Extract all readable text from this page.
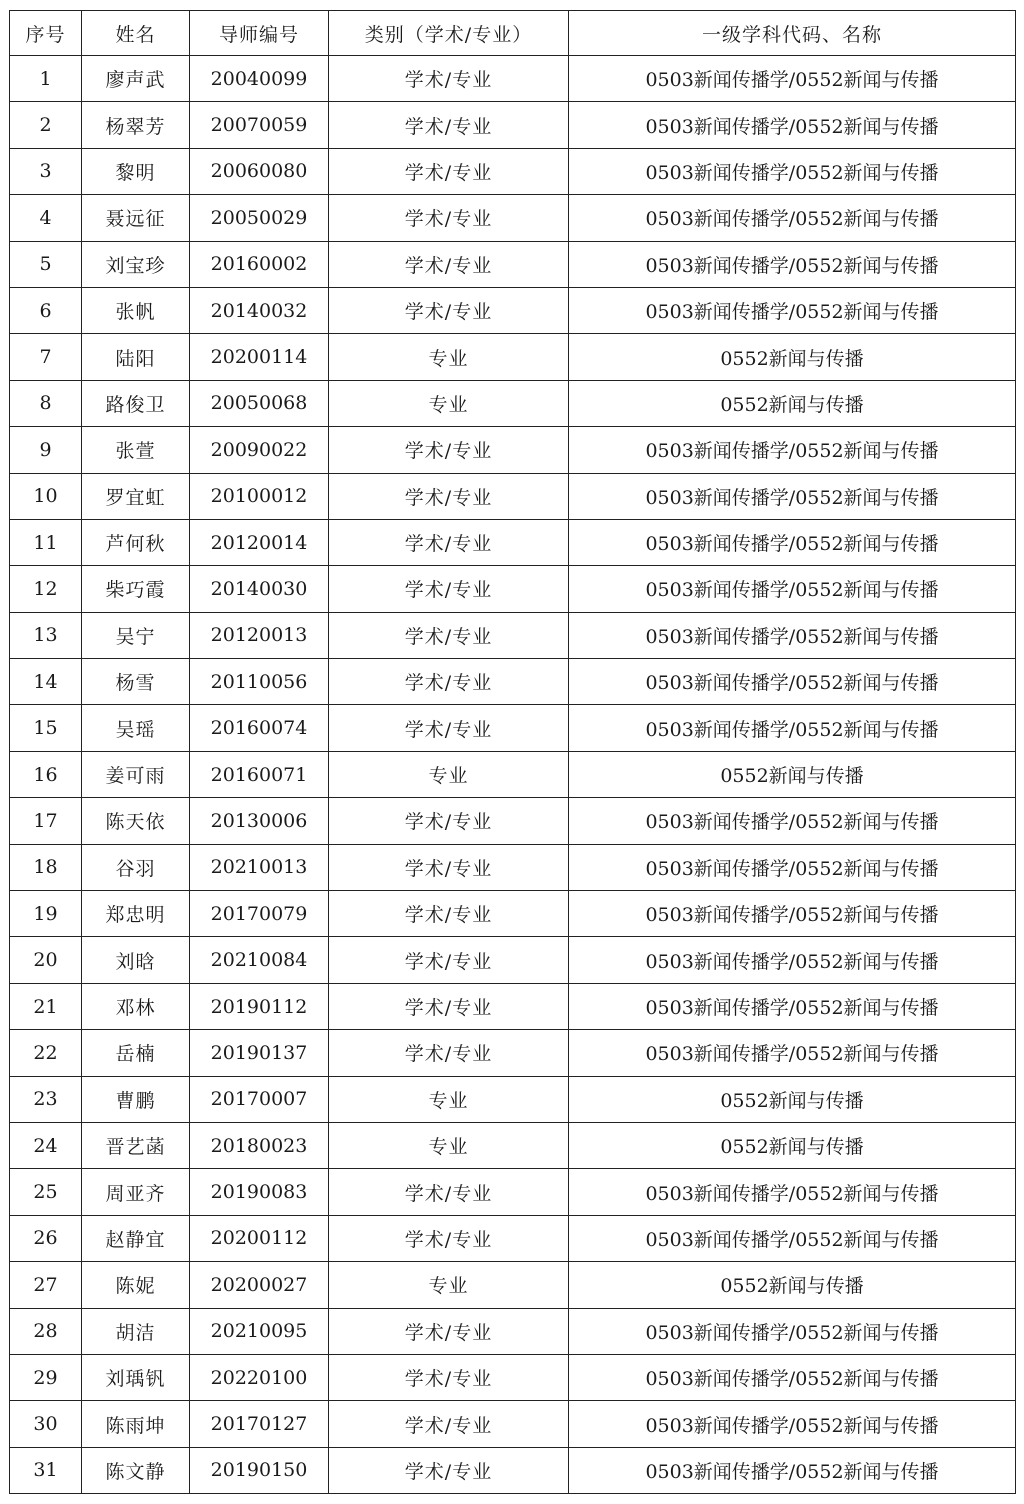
序号	姓名	导师编号	类别（学术/专业）	一级学科代码、名称
1	廖声武	20040099	学术/专业	0503新闻传播学/0552新闻与传播
2	杨翠芳	20070059	学术/专业	0503新闻传播学/0552新闻与传播
3	黎明	20060080	学术/专业	0503新闻传播学/0552新闻与传播
4	聂远征	20050029	学术/专业	0503新闻传播学/0552新闻与传播
5	刘宝珍	20160002	学术/专业	0503新闻传播学/0552新闻与传播
6	张帆	20140032	学术/专业	0503新闻传播学/0552新闻与传播
7	陆阳	20200114	专业	0552新闻与传播
8	路俊卫	20050068	专业	0552新闻与传播
9	张萱	20090022	学术/专业	0503新闻传播学/0552新闻与传播
10	罗宜虹	20100012	学术/专业	0503新闻传播学/0552新闻与传播
11	芦何秋	20120014	学术/专业	0503新闻传播学/0552新闻与传播
12	柴巧霞	20140030	学术/专业	0503新闻传播学/0552新闻与传播
13	吴宁	20120013	学术/专业	0503新闻传播学/0552新闻与传播
14	杨雪	20110056	学术/专业	0503新闻传播学/0552新闻与传播
15	吴瑶	20160074	学术/专业	0503新闻传播学/0552新闻与传播
16	姜可雨	20160071	专业	0552新闻与传播
17	陈天依	20130006	学术/专业	0503新闻传播学/0552新闻与传播
18	谷羽	20210013	学术/专业	0503新闻传播学/0552新闻与传播
19	郑忠明	20170079	学术/专业	0503新闻传播学/0552新闻与传播
20	刘晗	20210084	学术/专业	0503新闻传播学/0552新闻与传播
21	邓林	20190112	学术/专业	0503新闻传播学/0552新闻与传播
22	岳楠	20190137	学术/专业	0503新闻传播学/0552新闻与传播
23	曹鹏	20170007	专业	0552新闻与传播
24	晋艺菡	20180023	专业	0552新闻与传播
25	周亚齐	20190083	学术/专业	0503新闻传播学/0552新闻与传播
26	赵静宜	20200112	学术/专业	0503新闻传播学/0552新闻与传播
27	陈妮	20200027	专业	0552新闻与传播
28	胡洁	20210095	学术/专业	0503新闻传播学/0552新闻与传播
29	刘瑀钒	20220100	学术/专业	0503新闻传播学/0552新闻与传播
30	陈雨坤	20170127	学术/专业	0503新闻传播学/0552新闻与传播
31	陈文静	20190150	学术/专业	0503新闻传播学/0552新闻与传播
